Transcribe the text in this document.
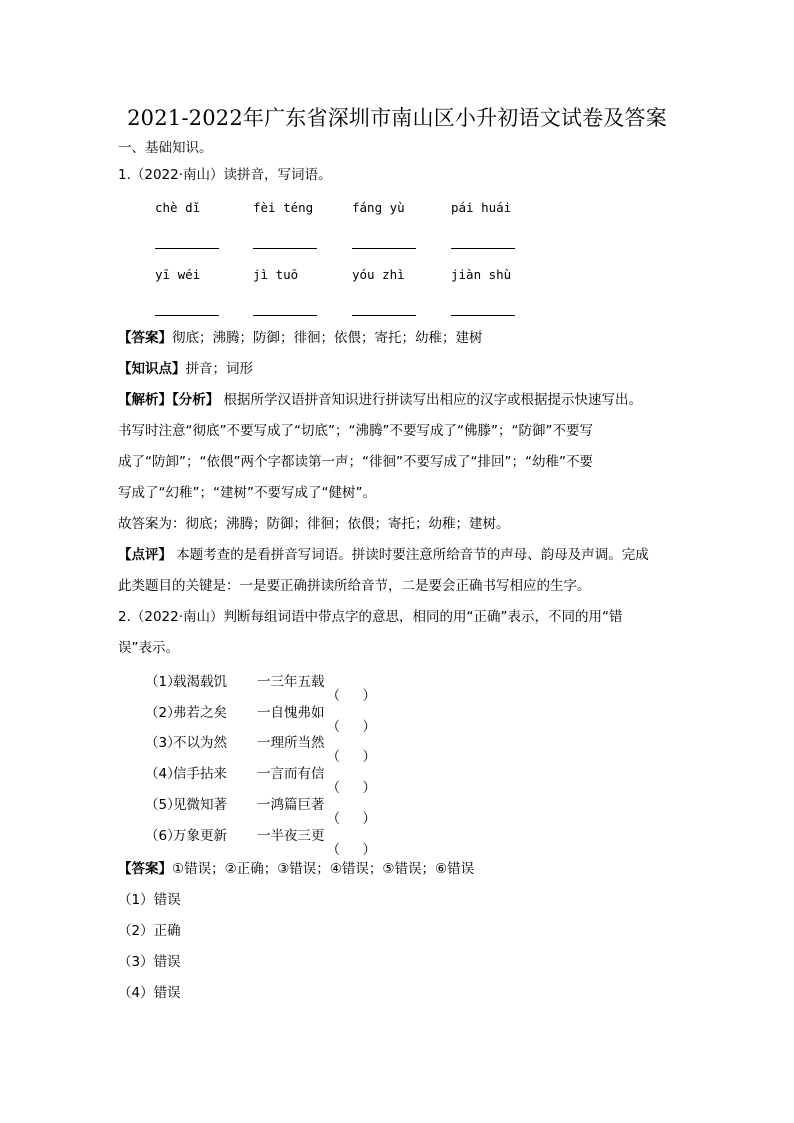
2021-2022年广东省深圳市南山区小升初语文试卷及答案
一、基础知识。
1.（2022·南山）读拼音，写词语。
chè dǐ	fèi téng	fáng yù	pái huái
yī wéi	jì tuō	yóu zhì	jiàn shù
【答案】彻底；沸腾；防御；徘徊；依偎；寄托；幼稚；建树
【知识点】拼音；词形
【解析】【分析】 根据所学汉语拼音知识进行拼读写出相应的汉字或根据提示快速写出。
书写时注意“彻底”不要写成了“切底”；“沸腾”不要写成了“佛滕”；“防御”不要写
成了“防卸”；“依偎”两个字都读第一声；“徘徊”不要写成了“排回”；“幼稚”不要
写成了“幻稚”；“建树”不要写成了“健树”。
故答案为：彻底；沸腾；防御；徘徊；依偎；寄托；幼稚；建树。
【点评】 本题考查的是看拼音写词语。拼读时要注意所给音节的声母、韵母及声调。完成
此类题目的关键是：一是要正确拼读所给音节，二是要会正确书写相应的生字。
2.（2022·南山）判断每组词语中带点字的意思，相同的用“正确”表示，不同的用“错
误”表示。
（1）载渴载饥 一三年五载
（ ）
（2）弗若之矣 一自愧弗如
（ ）
（3）不以为然 一理所当然
（ ）
（4）信手拈来 一言而有信
（ ）
（5）见微知著 一鸿篇巨著
（ ）
（6）万象更新 一半夜三更
（ ）
【答案】①错误；②正确；③错误；④错误；⑤错误；⑥错误
（1）错误
（2）正确
（3）错误
（4）错误
